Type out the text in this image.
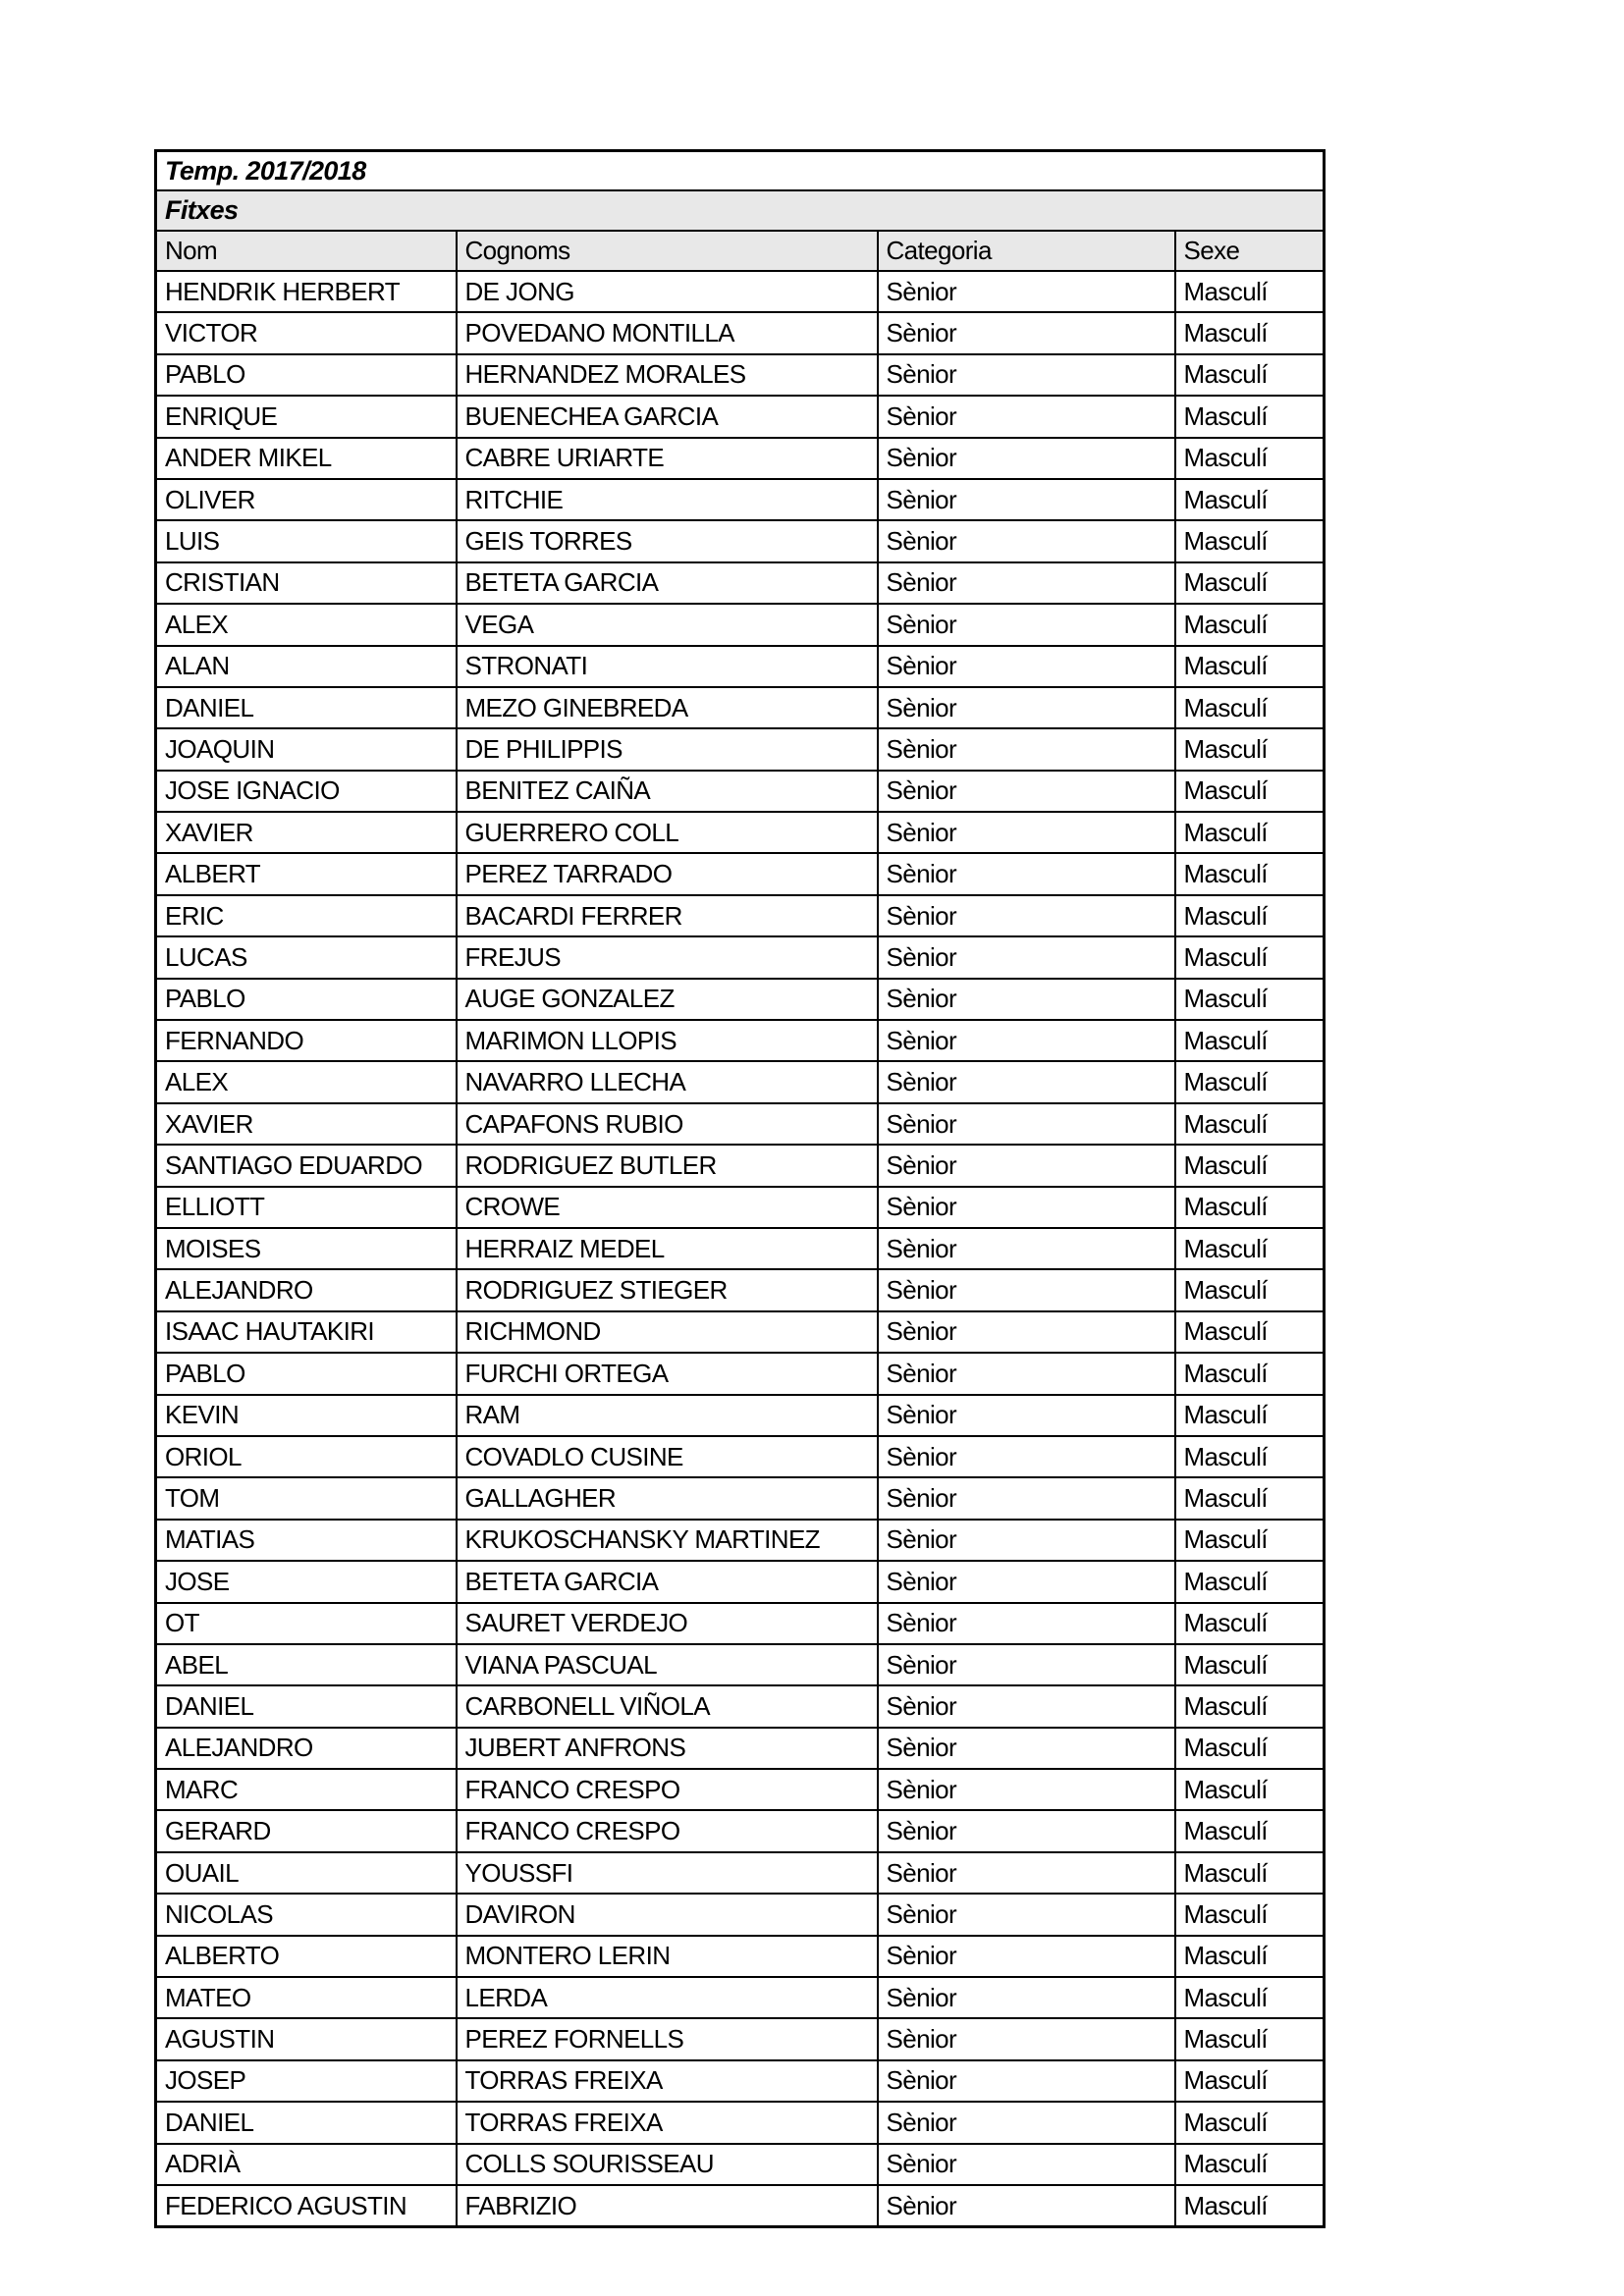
Temp. 2017/2018			
Fitxes			
Nom	Cognoms	Categoria	Sexe
HENDRIK HERBERT	DE JONG	Sènior	Masculí
VICTOR	POVEDANO MONTILLA	Sènior	Masculí
PABLO	HERNANDEZ MORALES	Sènior	Masculí
ENRIQUE	BUENECHEA GARCIA	Sènior	Masculí
ANDER MIKEL	CABRE URIARTE	Sènior	Masculí
OLIVER	RITCHIE	Sènior	Masculí
LUIS	GEIS TORRES	Sènior	Masculí
CRISTIAN	BETETA GARCIA	Sènior	Masculí
ALEX	VEGA	Sènior	Masculí
ALAN	STRONATI	Sènior	Masculí
DANIEL	MEZO GINEBREDA	Sènior	Masculí
JOAQUIN	DE PHILIPPIS	Sènior	Masculí
JOSE IGNACIO	BENITEZ CAIÑA	Sènior	Masculí
XAVIER	GUERRERO COLL	Sènior	Masculí
ALBERT	PEREZ TARRADO	Sènior	Masculí
ERIC	BACARDI FERRER	Sènior	Masculí
LUCAS	FREJUS	Sènior	Masculí
PABLO	AUGE GONZALEZ	Sènior	Masculí
FERNANDO	MARIMON LLOPIS	Sènior	Masculí
ALEX	NAVARRO LLECHA	Sènior	Masculí
XAVIER	CAPAFONS RUBIO	Sènior	Masculí
SANTIAGO EDUARDO	RODRIGUEZ BUTLER	Sènior	Masculí
ELLIOTT	CROWE	Sènior	Masculí
MOISES	HERRAIZ MEDEL	Sènior	Masculí
ALEJANDRO	RODRIGUEZ STIEGER	Sènior	Masculí
ISAAC HAUTAKIRI	RICHMOND	Sènior	Masculí
PABLO	FURCHI ORTEGA	Sènior	Masculí
KEVIN	RAM	Sènior	Masculí
ORIOL	COVADLO CUSINE	Sènior	Masculí
TOM	GALLAGHER	Sènior	Masculí
MATIAS	KRUKOSCHANSKY MARTINEZ	Sènior	Masculí
JOSE	BETETA GARCIA	Sènior	Masculí
OT	SAURET VERDEJO	Sènior	Masculí
ABEL	VIANA PASCUAL	Sènior	Masculí
DANIEL	CARBONELL VIÑOLA	Sènior	Masculí
ALEJANDRO	JUBERT ANFRONS	Sènior	Masculí
MARC	FRANCO CRESPO	Sènior	Masculí
GERARD	FRANCO CRESPO	Sènior	Masculí
OUAIL	YOUSSFI	Sènior	Masculí
NICOLAS	DAVIRON	Sènior	Masculí
ALBERTO	MONTERO LERIN	Sènior	Masculí
MATEO	LERDA	Sènior	Masculí
AGUSTIN	PEREZ FORNELLS	Sènior	Masculí
JOSEP	TORRAS FREIXA	Sènior	Masculí
DANIEL	TORRAS FREIXA	Sènior	Masculí
ADRIÀ	COLLS SOURISSEAU	Sènior	Masculí
FEDERICO AGUSTIN	FABRIZIO	Sènior	Masculí
